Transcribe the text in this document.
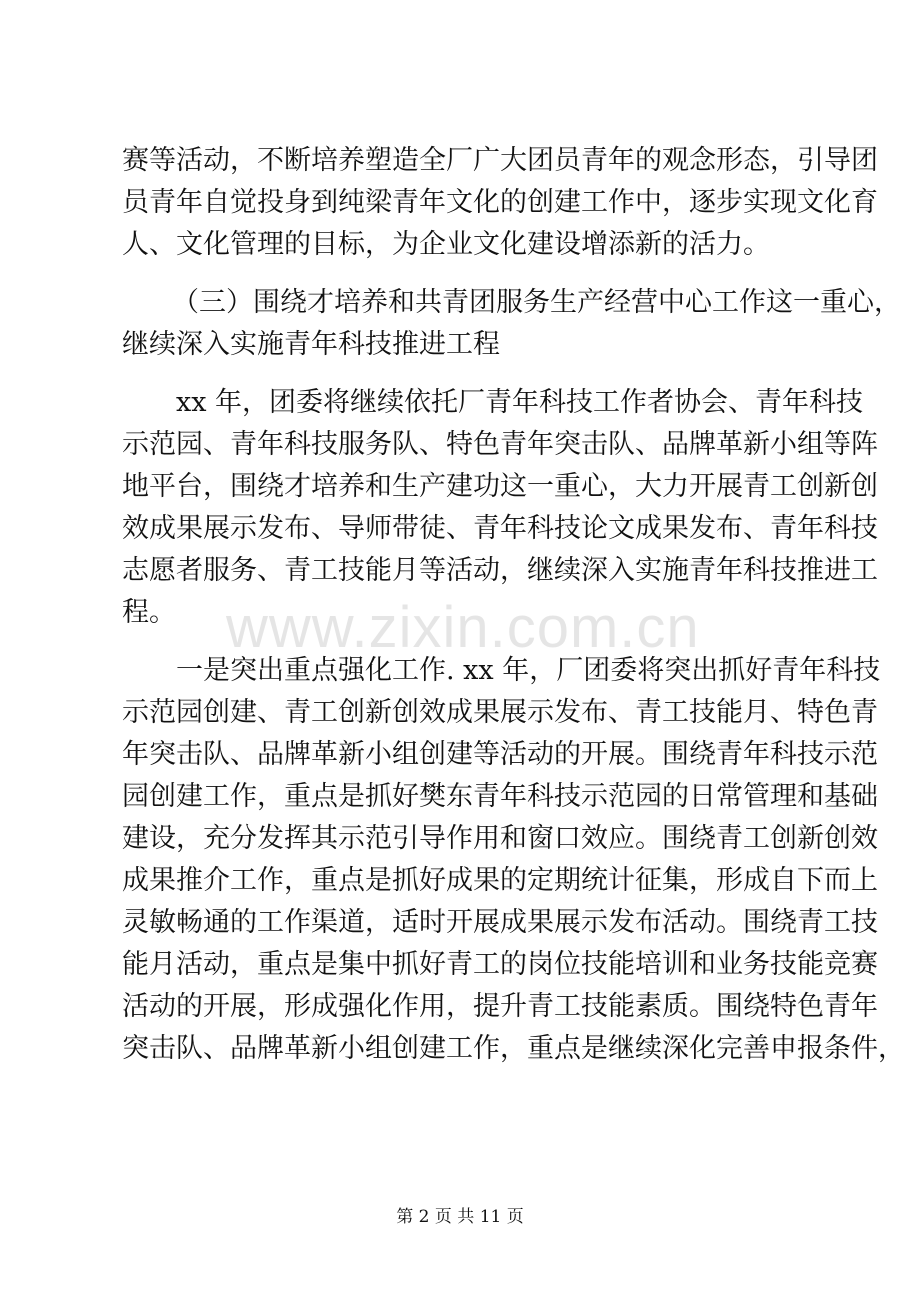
赛等活动，不断培养塑造全厂广大团员青年的观念形态，引导团

员青年自觉投身到纯梁青年文化的创建工作中，逐步实现文化育

人、文化管理的目标，为企业文化建设增添新的活力。

（三）围绕才培养和共青团服务生产经营中心工作这一重心，

继续深入实施青年科技推进工程

xx 年，团委将继续依托厂青年科技工作者协会、青年科技

示范园、青年科技服务队、特色青年突击队、品牌革新小组等阵

地平台，围绕才培养和生产建功这一重心，大力开展青工创新创

效成果展示发布、导师带徒、青年科技论文成果发布、青年科技

志愿者服务、青工技能月等活动，继续深入实施青年科技推进工

程。

一是突出重点强化工作. xx 年，厂团委将突出抓好青年科技

示范园创建、青工创新创效成果展示发布、青工技能月、特色青

年突击队、品牌革新小组创建等活动的开展。围绕青年科技示范

园创建工作，重点是抓好樊东青年科技示范园的日常管理和基础

建设，充分发挥其示范引导作用和窗口效应。围绕青工创新创效

成果推介工作，重点是抓好成果的定期统计征集，形成自下而上

灵敏畅通的工作渠道，适时开展成果展示发布活动。围绕青工技

能月活动，重点是集中抓好青工的岗位技能培训和业务技能竞赛

活动的开展，形成强化作用，提升青工技能素质。围绕特色青年

突击队、品牌革新小组创建工作，重点是继续深化完善申报条件，

www.zixin.com.cn
第 2 页 共 11 页
